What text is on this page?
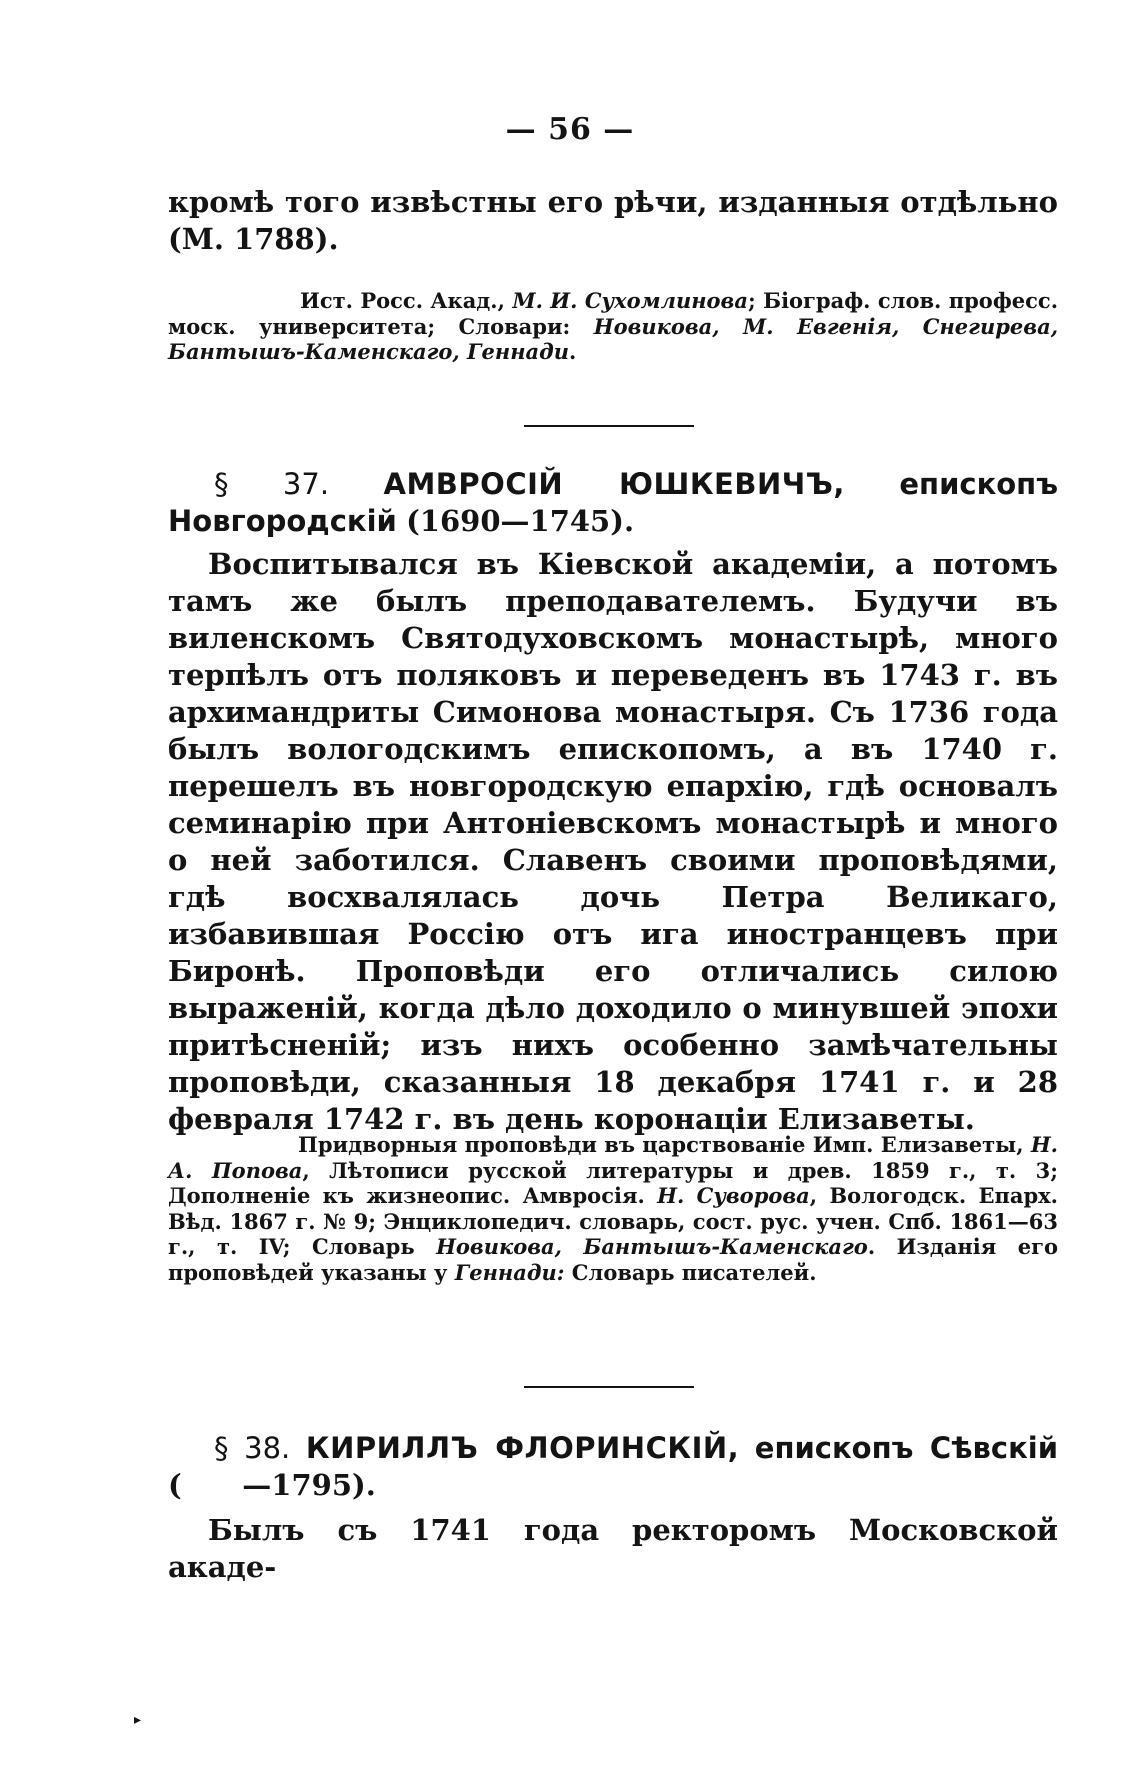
— 56 —

кромѣ того извѣстны его рѣчи, изданныя отдѣльно (М. 1788).

Ист. Росс. Акад., М. И. Сухомлинова; Біограф. слов. професс. моск. университета; Словари: Новикова, М. Евгенія, Снегирева, Бантышъ-Каменскаго, Геннади.

§ 37. АМВРОСІЙ ЮШКЕВИЧЪ, епископъ Новгородскій (1690—1745).

Воспитывался въ Кіевской академіи, а потомъ тамъ же былъ преподавателемъ. Будучи въ виленскомъ Святодуховскомъ монастырѣ, много терпѣлъ отъ поляковъ и переведенъ въ 1743 г. въ архимандриты Симонова монастыря. Съ 1736 года былъ вологодскимъ епископомъ, а въ 1740 г. перешелъ въ новгородскую епархію, гдѣ основалъ семинарію при Антоніевскомъ монастырѣ и много о ней заботился. Славенъ своими проповѣдями, гдѣ восхвалялась дочь Петра Великаго, избавившая Россію отъ ига иностранцевъ при Биронѣ. Проповѣди его отличались силою выраженій, когда дѣло доходило о минувшей эпохи притѣсненій; изъ нихъ особенно замѣчательны проповѣди, сказанныя 18 декабря 1741 г. и 28 февраля 1742 г. въ день коронаціи Елизаветы.

Придворныя проповѣди въ царствованіе Имп. Елизаветы, Н. А. Попова, Лѣтописи русской литературы и древ. 1859 г., т. 3; Дополненіе къ жизнеопис. Амвросія. Н. Суворова, Вологодск. Епарх. Вѣд. 1867 г. № 9; Энциклопедич. словарь, сост. рус. учен. Спб. 1861—63 г., т. IV; Словарь Новикова, Бантышъ-Каменскаго. Изданія его проповѣдей указаны у Геннади: Словарь писателей.

§ 38. КИРИЛЛЪ ФЛОРИНСКІЙ, епископъ Сѣвскій (      —1795).

Былъ съ 1741 года ректоромъ Московской акаде-

▸
